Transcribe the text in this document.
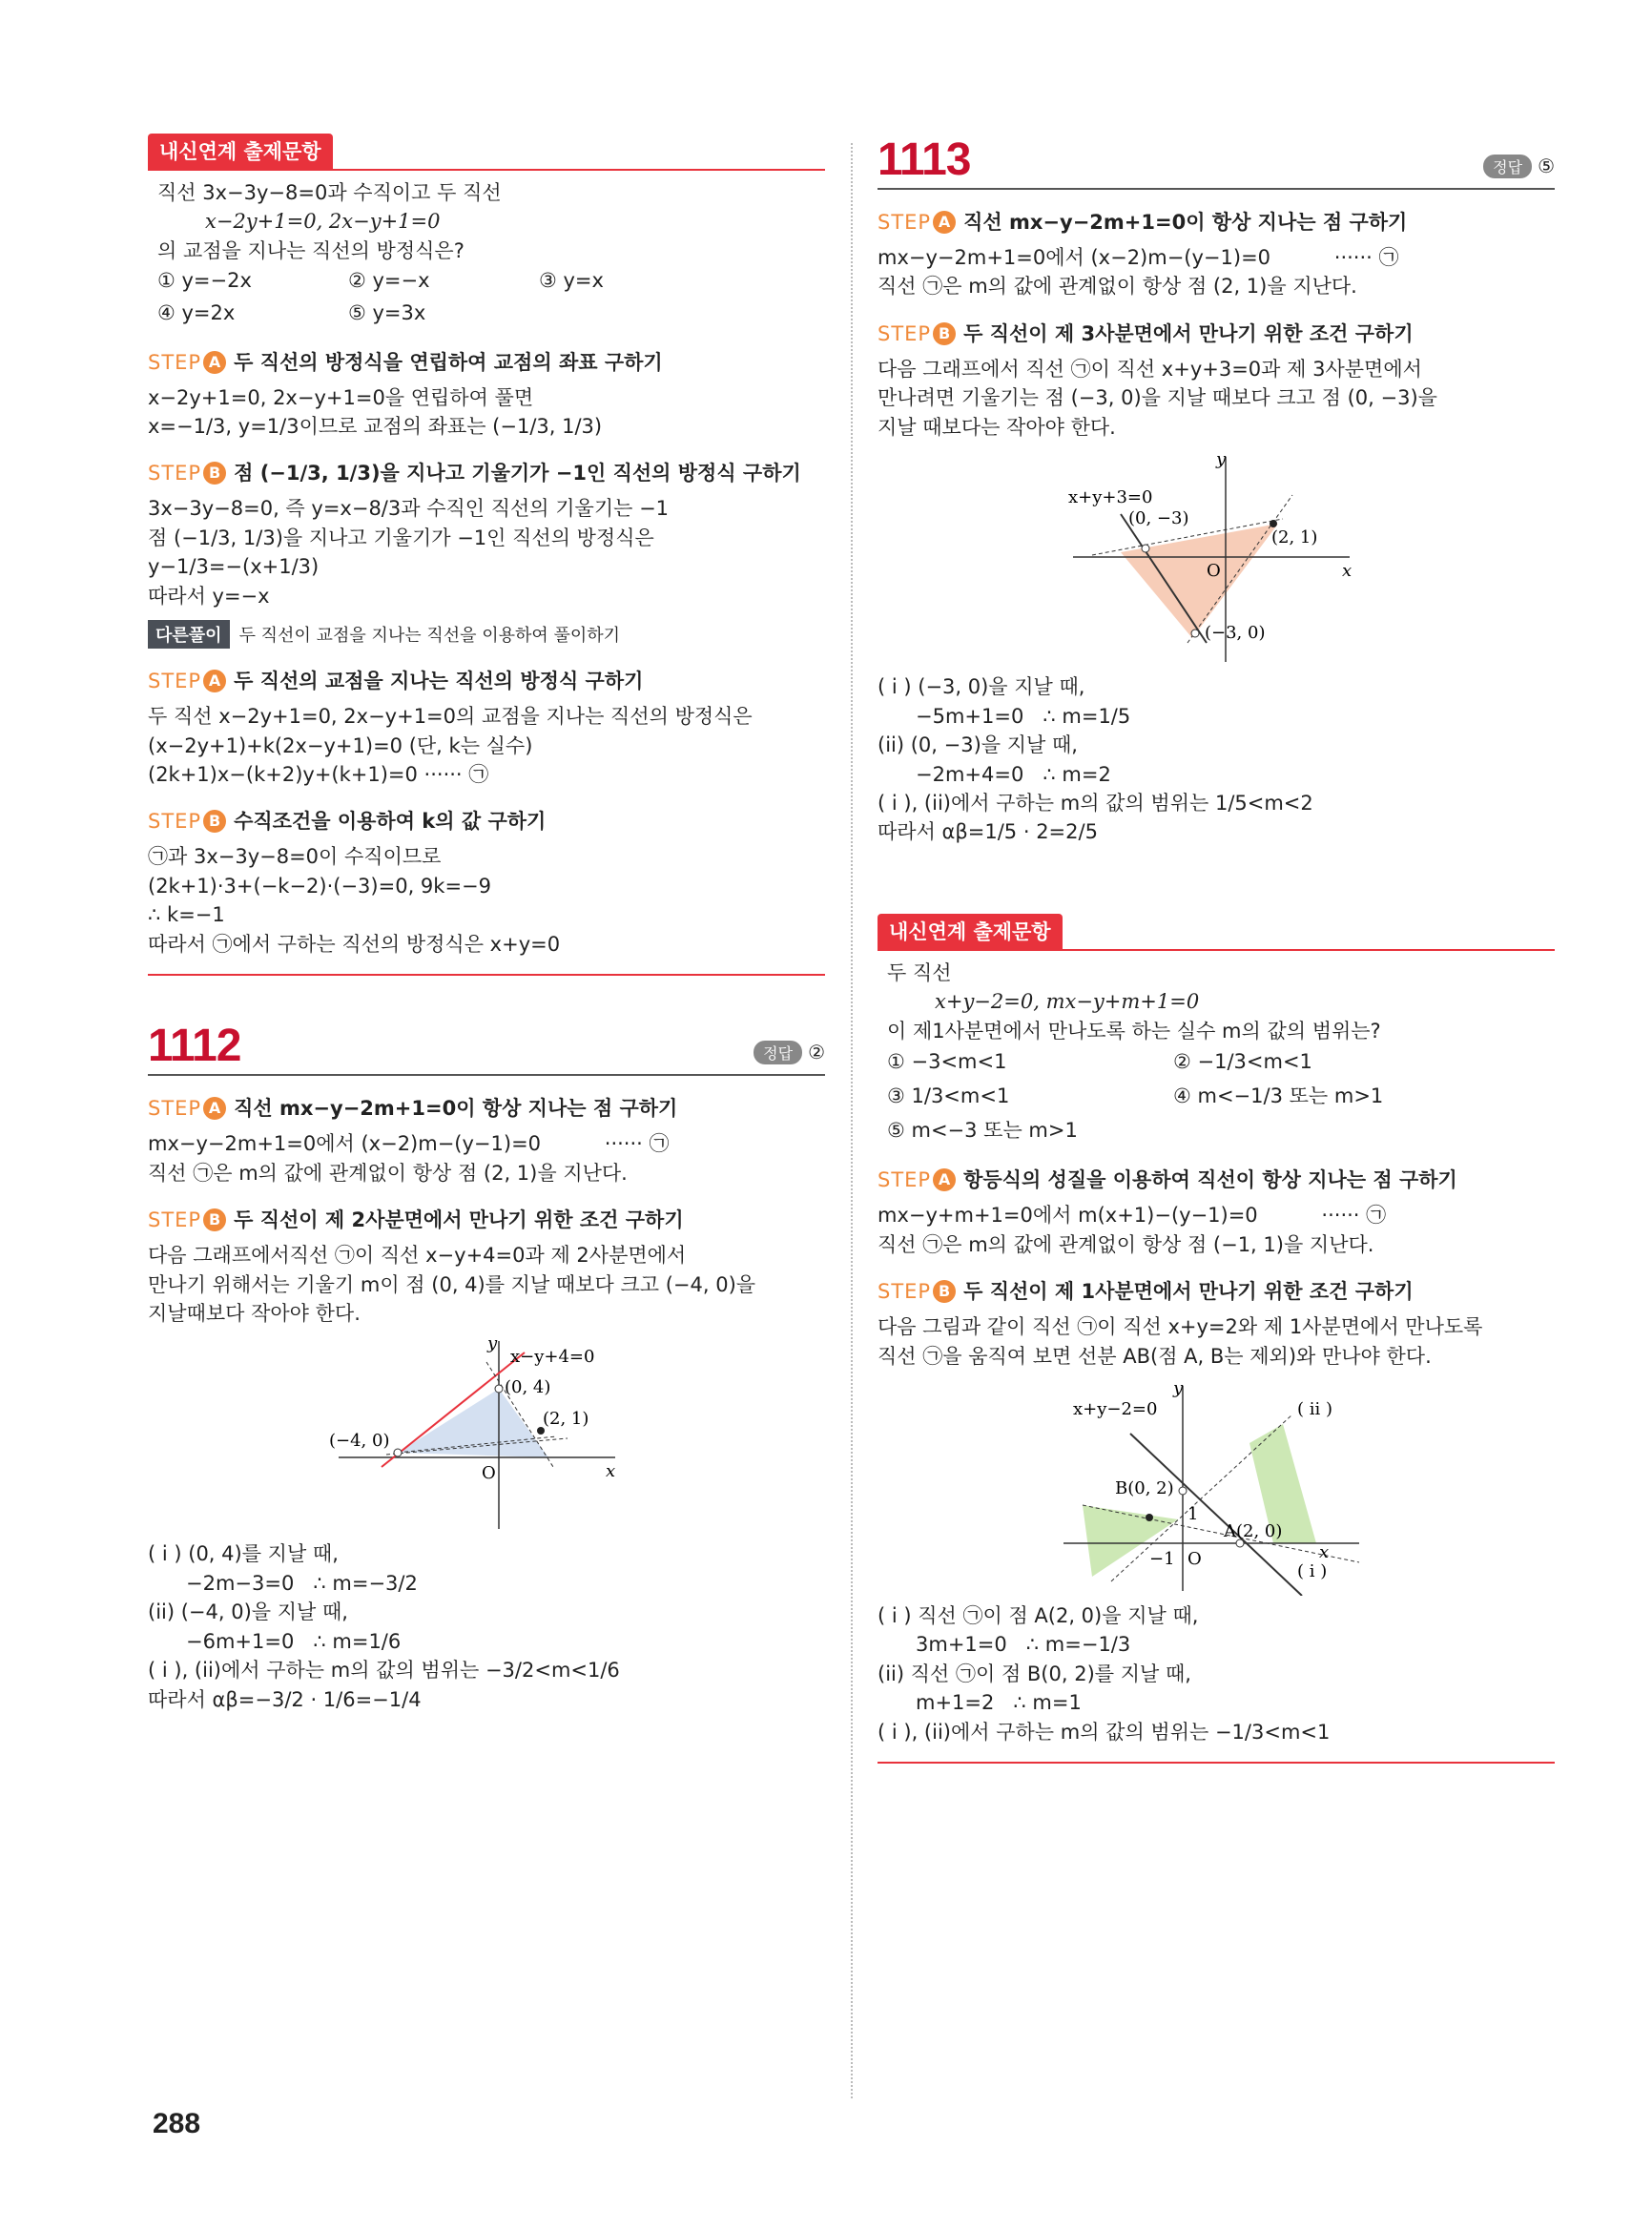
내신연계 출제문항
직선 3x−3y−8=0과 수직이고 두 직선
x−2y+1=0, 2x−y+1=0
의 교점을 지나는 직선의 방정식은?
① y=−2x	② y=−x	③ y=x
④ y=2x	⑤ y=3x
STEP A 두 직선의 방정식을 연립하여 교점의 좌표 구하기
x−2y+1=0, 2x−y+1=0을 연립하여 풀면
x=−1/3, y=1/3이므로 교점의 좌표는 (−1/3, 1/3)
STEP B 점 (−1/3, 1/3)을 지나고 기울기가 −1인 직선의 방정식 구하기
3x−3y−8=0, 즉 y=x−8/3과 수직인 직선의 기울기는 −1
점 (−1/3, 1/3)을 지나고 기울기가 −1인 직선의 방정식은
y−1/3=−(x+1/3)
따라서 y=−x
다른풀이 두 직선이 교점을 지나는 직선을 이용하여 풀이하기
STEP A 두 직선의 교점을 지나는 직선의 방정식 구하기
두 직선 x−2y+1=0, 2x−y+1=0의 교점을 지나는 직선의 방정식은
(x−2y+1)+k(2x−y+1)=0 (단, k는 실수)
(2k+1)x−(k+2)y+(k+1)=0 ······ ㉠
STEP B 수직조건을 이용하여 k의 값 구하기
㉠과 3x−3y−8=0이 수직이므로
(2k+1)·3+(−k−2)·(−3)=0, 9k=−9
∴ k=−1
따라서 ㉠에서 구하는 직선의 방정식은 x+y=0
1112	정답 ②
STEP A 직선 mx−y−2m+1=0이 항상 지나는 점 구하기
mx−y−2m+1=0에서 (x−2)m−(y−1)=0          ······ ㉠
직선 ㉠은 m의 값에 관계없이 항상 점 (2, 1)을 지난다.
STEP B 두 직선이 제 2사분면에서 만나기 위한 조건 구하기
다음 그래프에서직선 ㉠이 직선 x−y+4=0과 제 2사분면에서
만나기 위해서는 기울기 m이 점 (0, 4)를 지날 때보다 크고 (−4, 0)을
지날때보다 작아야 한다.
y
x
O
x−y+4=0
(0, 4)
(2, 1)
(−4, 0)
( i ) (0, 4)를 지날 때,
−2m−3=0   ∴ m=−3/2
(ii) (−4, 0)을 지날 때,
−6m+1=0   ∴ m=1/6
( i ), (ii)에서 구하는 m의 값의 범위는 −3/2<m<1/6
따라서 αβ=−3/2 · 1/6=−1/4
1113	정답 ⑤
STEP A 직선 mx−y−2m+1=0이 항상 지나는 점 구하기
mx−y−2m+1=0에서 (x−2)m−(y−1)=0          ······ ㉠
직선 ㉠은 m의 값에 관계없이 항상 점 (2, 1)을 지난다.
STEP B 두 직선이 제 3사분면에서 만나기 위한 조건 구하기
다음 그래프에서 직선 ㉠이 직선 x+y+3=0과 제 3사분면에서
만나려면 기울기는 점 (−3, 0)을 지날 때보다 크고 점 (0, −3)을
지날 때보다는 작아야 한다.
y
x
O
x+y+3=0
(0, −3)
(2, 1)
(−3, 0)
( i ) (−3, 0)을 지날 때,
−5m+1=0   ∴ m=1/5
(ii) (0, −3)을 지날 때,
−2m+4=0   ∴ m=2
( i ), (ii)에서 구하는 m의 값의 범위는 1/5<m<2
따라서 αβ=1/5 · 2=2/5
내신연계 출제문항
두 직선
x+y−2=0, mx−y+m+1=0
이 제1사분면에서 만나도록 하는 실수 m의 값의 범위는?
① −3<m<1	② −1/3<m<1
③ 1/3<m<1	④ m<−1/3 또는 m>1
⑤ m<−3 또는 m>1
STEP A 항등식의 성질을 이용하여 직선이 항상 지나는 점 구하기
mx−y+m+1=0에서 m(x+1)−(y−1)=0          ······ ㉠
직선 ㉠은 m의 값에 관계없이 항상 점 (−1, 1)을 지난다.
STEP B 두 직선이 제 1사분면에서 만나기 위한 조건 구하기
다음 그림과 같이 직선 ㉠이 직선 x+y=2와 제 1사분면에서 만나도록
직선 ㉠을 움직여 보면 선분 AB(점 A, B는 제외)와 만나야 한다.
y
x
O
x+y−2=0
B(0, 2)
A(2, 0)
1
−1
( i )
( ii )
( i ) 직선 ㉠이 점 A(2, 0)을 지날 때,
3m+1=0   ∴ m=−1/3
(ii) 직선 ㉠이 점 B(0, 2)를 지날 때,
m+1=2   ∴ m=1
( i ), (ii)에서 구하는 m의 값의 범위는 −1/3<m<1
288
